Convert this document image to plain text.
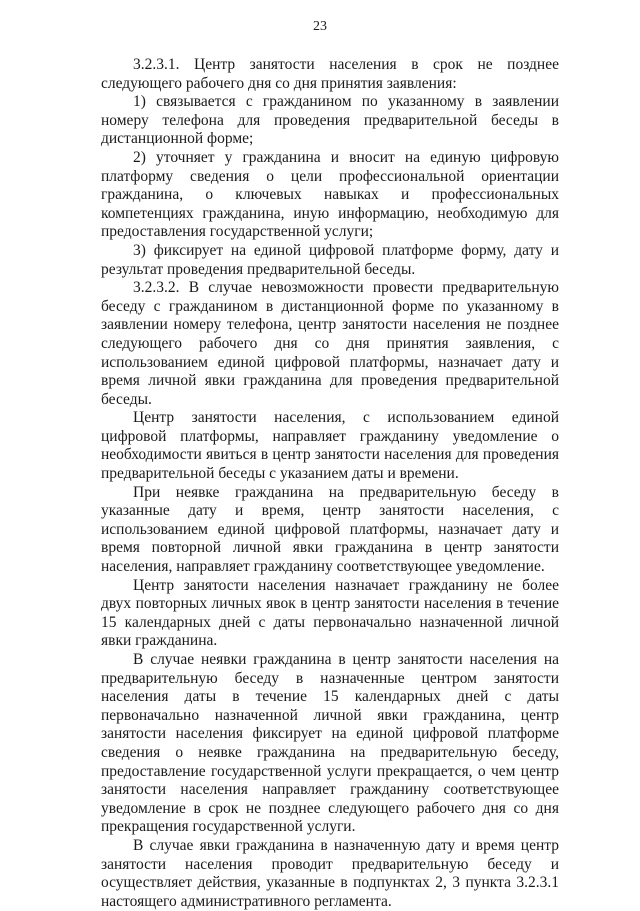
23

3.2.3.1. Центр занятости населения в срок не позднее следующего рабочего дня со дня принятия заявления:

1) связывается с гражданином по указанному в заявлении номеру телефона для проведения предварительной беседы в дистанционной форме;

2) уточняет у гражданина и вносит на единую цифровую платформу сведения о цели профессиональной ориентации гражданина, о ключевых навыках и профессиональных компетенциях гражданина, иную информацию, необходимую для предоставления государственной услуги;

3) фиксирует на единой цифровой платформе форму, дату и результат проведения предварительной беседы.

3.2.3.2. В случае невозможности провести предварительную беседу с гражданином в дистанционной форме по указанному в заявлении номеру телефона, центр занятости населения не позднее следующего рабочего дня со дня принятия заявления, с использованием единой цифровой платформы, назначает дату и время личной явки гражданина для проведения предварительной беседы.

Центр занятости населения, с использованием единой цифровой платформы, направляет гражданину уведомление о необходимости явиться в центр занятости населения для проведения предварительной беседы с указанием даты и времени.

При неявке гражданина на предварительную беседу в указанные дату и время, центр занятости населения, с использованием единой цифровой платформы, назначает дату и время повторной личной явки гражданина в центр занятости населения, направляет гражданину соответствующее уведомление.

Центр занятости населения назначает гражданину не более двух повторных личных явок в центр занятости населения в течение 15 календарных дней с даты первоначально назначенной личной явки гражданина.

В случае неявки гражданина в центр занятости населения на предварительную беседу в назначенные центром занятости населения даты в течение 15 календарных дней с даты первоначально назначенной личной явки гражданина, центр занятости населения фиксирует на единой цифровой платформе сведения о неявке гражданина на предварительную беседу, предоставление государственной услуги прекращается, о чем центр занятости населения направляет гражданину соответствующее уведомление в срок не позднее следующего рабочего дня со дня прекращения государственной услуги.

В случае явки гражданина в назначенную дату и время центр занятости населения проводит предварительную беседу и осуществляет действия, указанные в подпунктах 2, 3 пункта 3.2.3.1 настоящего административного регламента.
